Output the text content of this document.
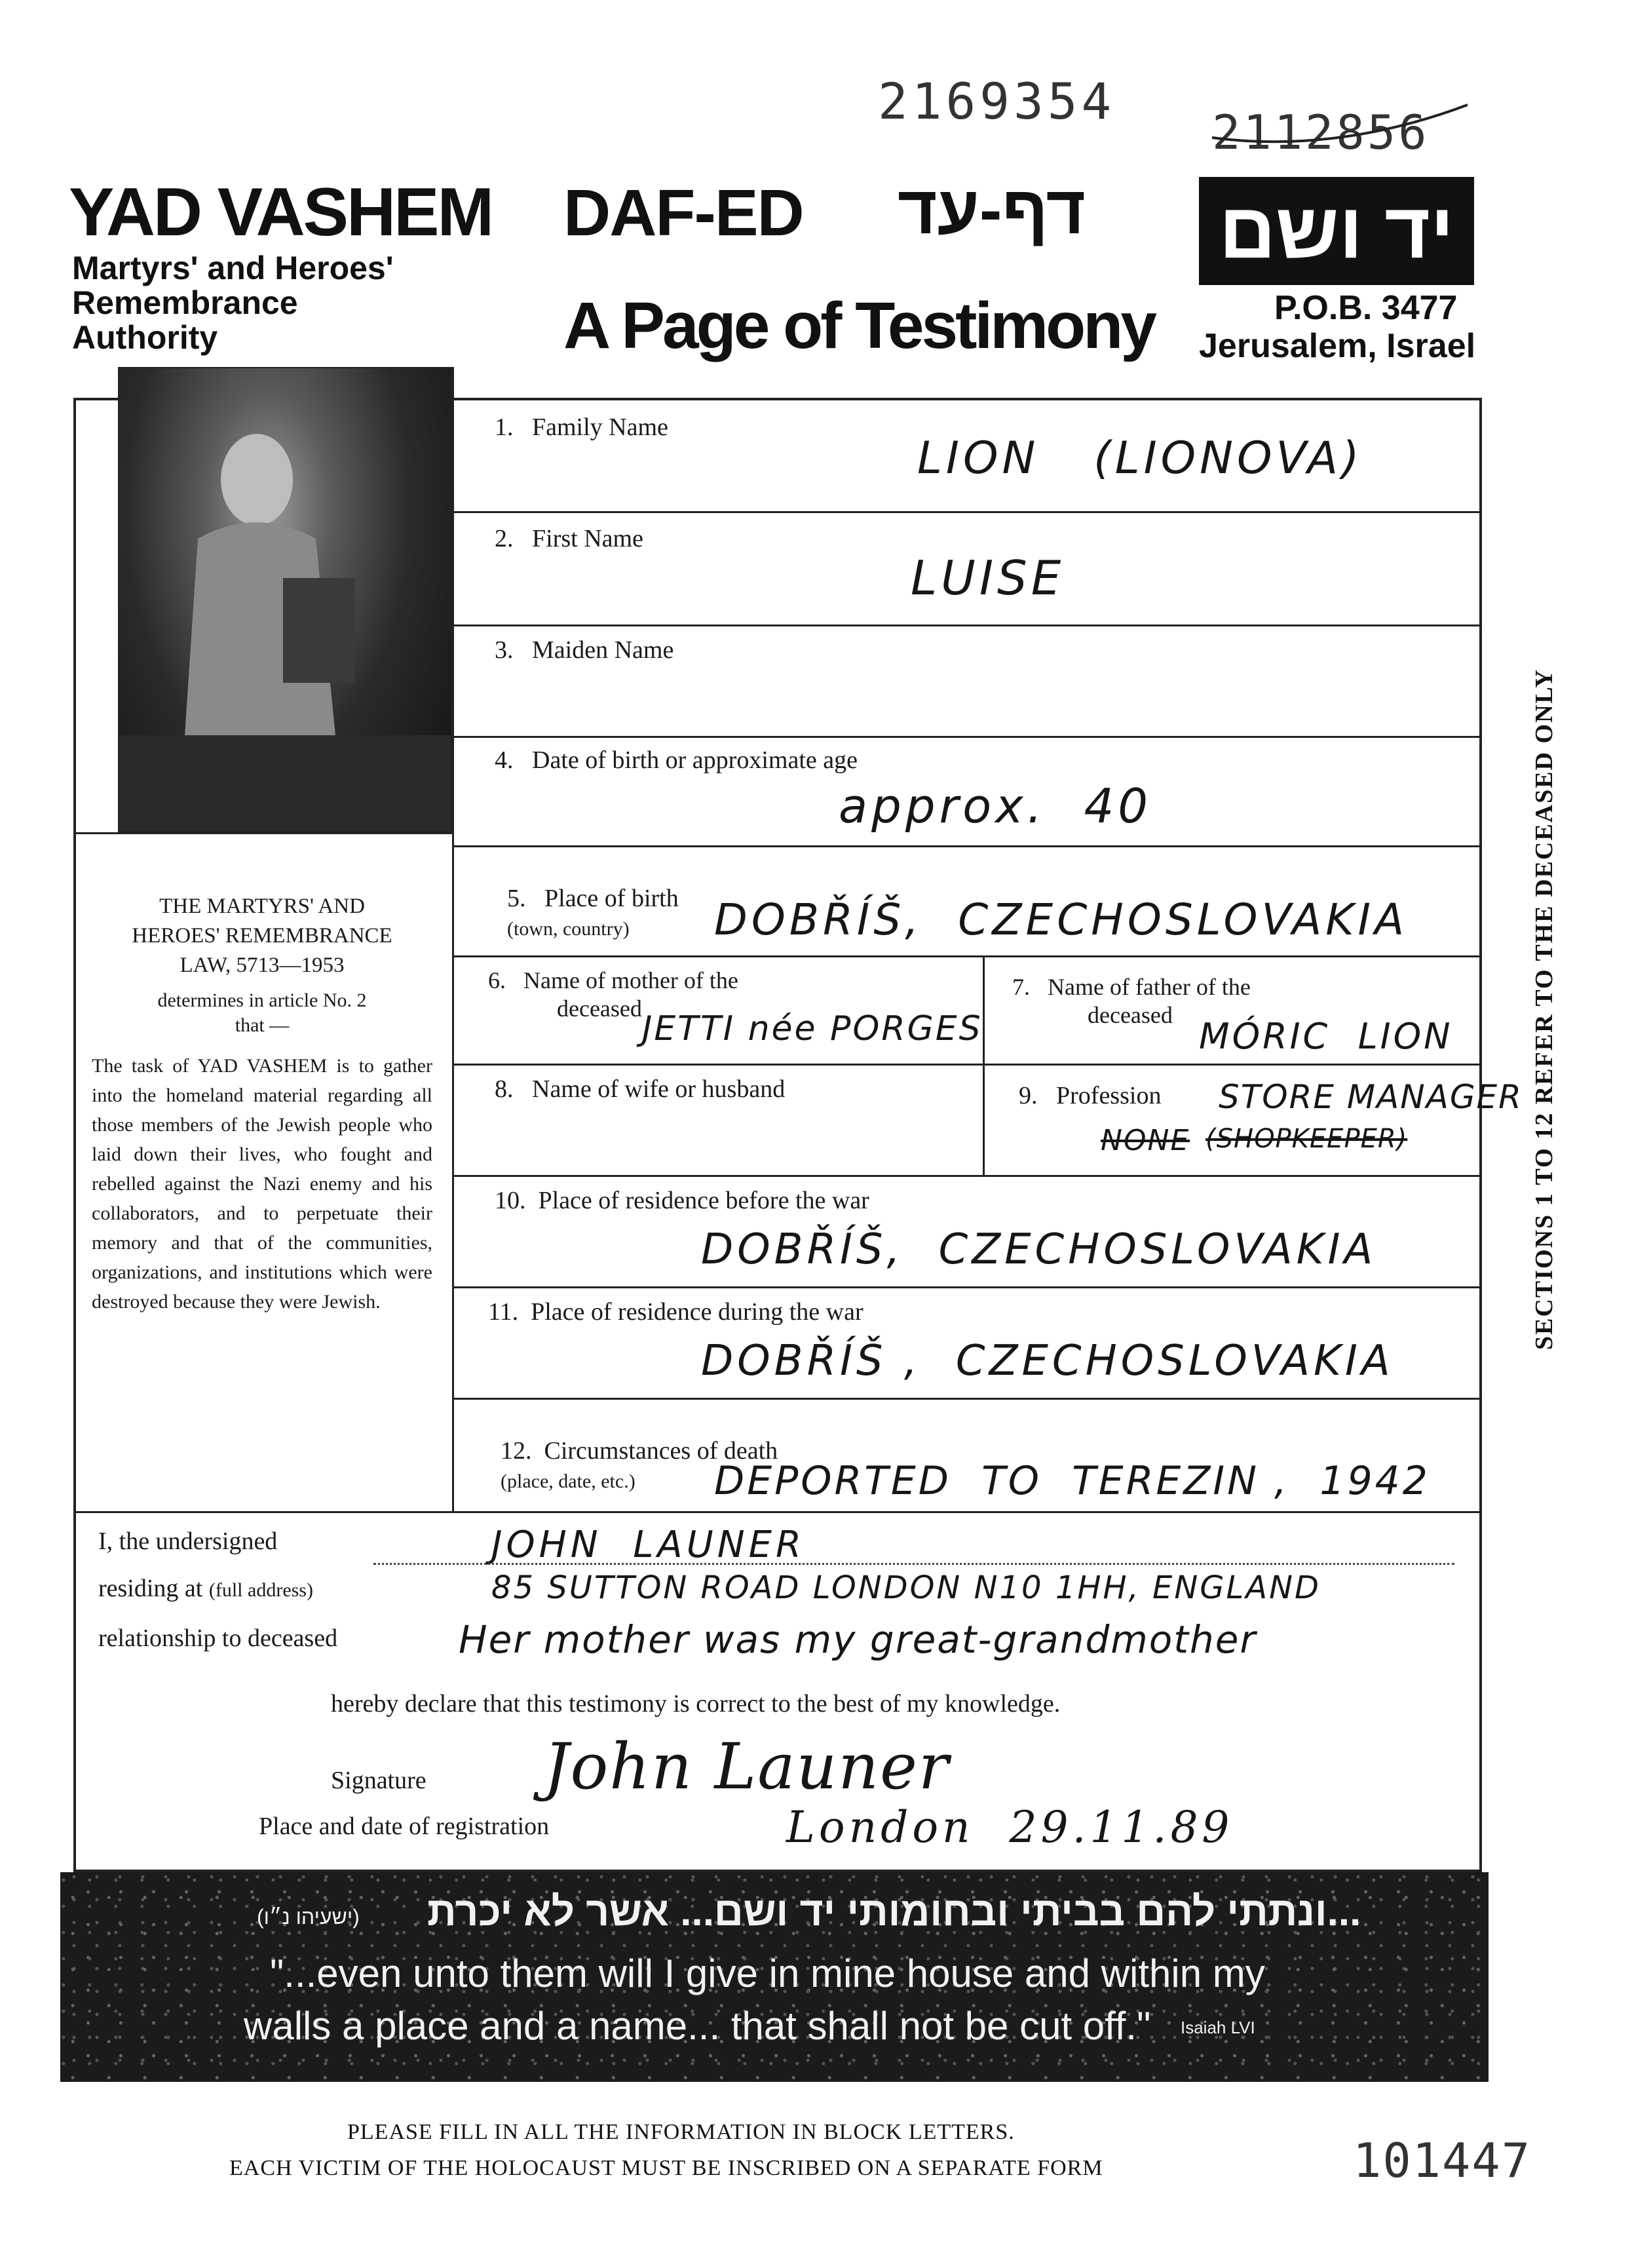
2169354
2112856
YAD VASHEM
Martyrs' and Heroes'
Remembrance
Authority
DAF-ED דף-עד
A Page of Testimony
יד ושם
P.O.B. 3477
Jerusalem, Israel
SECTIONS 1 TO 12 REFER TO THE DECEASED ONLY

THE MARTYRS' AND

HEROES' REMEMBRANCE

LAW, 5713—1953

determines in article No. 2

that —

The task of YAD VASHEM is to gather into the homeland material regarding all those members of the Jewish people who laid down their lives, who fought and rebelled against the Nazi enemy and his collaborators, and to perpetuate their memory and that of the communities, organizations, and institutions which were destroyed because they were Jewish.

1.   Family Name
LION   (LIONOVA)
2.   First Name
LUISE
3.   Maiden Name
4.   Date of birth or approximate age
approx.  40

5.   Place of birth
(town, country)	DOBŘÍŠ,  CZECHOSLOVAKIA
6.   Name of mother of the
deceased
JETTI née PORGES
7.   Name of father of the
deceased
MÓRIC  LION
8.   Name of wife or husband	9.   Profession STORE MANAGER
NONE (SHOPKEEPER)
10.  Place of residence before the war
DOBŘÍŠ,  CZECHOSLOVAKIA
11.  Place of residence during the war
DOBŘÍŠ ,  CZECHOSLOVAKIA

12.  Circumstances of death
(place, date, etc.)	DEPORTED  TO  TEREZIN ,  1942
I, the undersigned	JOHN  LAUNER
residing at (full address)	85 SUTTON ROAD LONDON N10 1HH, ENGLAND
relationship to deceased	Her mother was my great-grandmother
hereby declare that this testimony is correct to the best of my knowledge.
Signature John Launer
Place and date of registration	London  29.11.89
(ישעיהו נ״ו) ...ונתתי להם בביתי ובחומותי יד ושם... אשר לא יכרת
"...even unto them will I give in mine house and within my
walls a place and a name... that shall not be cut off." Isaiah LVI
PLEASE FILL IN ALL THE INFORMATION IN BLOCK LETTERS.
EACH VICTIM OF THE HOLOCAUST MUST BE INSCRIBED ON A SEPARATE FORM	101447
